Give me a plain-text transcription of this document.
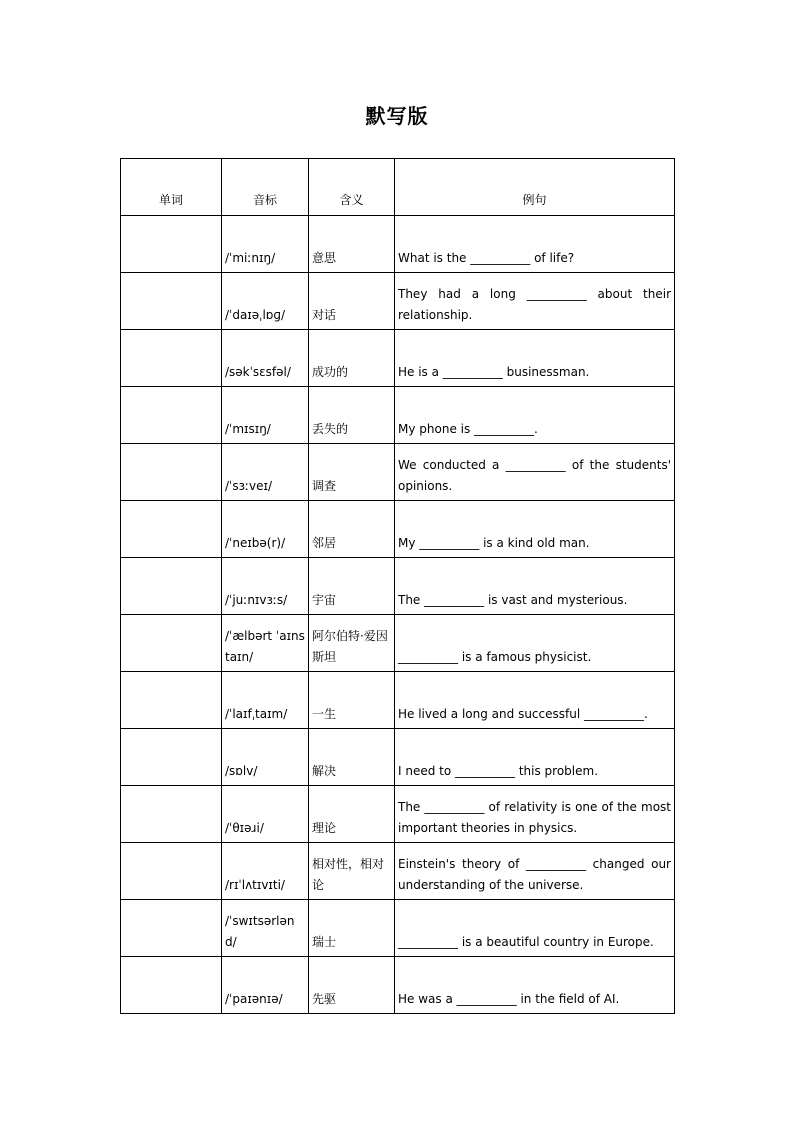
默写版
单词	音标	含义	例句
	/ˈmiːnɪŋ/	意思	What is the __________ of life?
	/ˈdaɪəˌlɒɡ/	对话	They had a long __________ about their relationship.
	/səkˈsɛsfəl/	成功的	He is a __________ businessman.
	/ˈmɪsɪŋ/	丢失的	My phone is __________.
	/ˈsɜːveɪ/	调查	We conducted a __________ of the students' opinions.
	/ˈneɪbə(r)/	邻居	My __________ is a kind old man.
	/ˈjuːnɪvɜːs/	宇宙	The __________ is vast and mysterious.
	/ˈælbərt ˈaɪnstaɪn/	阿尔伯特·爱因斯坦	__________ is a famous physicist.
	/ˈlaɪfˌtaɪm/	一生	He lived a long and successful __________.
	/sɒlv/	解决	I need to __________ this problem.
	/ˈθɪəɹi/	理论	The __________ of relativity is one of the most important theories in physics.
	/rɪˈlʌtɪvɪti/	相对性，相对论	Einstein's theory of __________ changed our understanding of the universe.
	/ˈswɪtsərlənd/	瑞士	__________ is a beautiful country in Europe.
	/ˈpaɪənɪə/	先驱	He was a __________ in the field of AI.
